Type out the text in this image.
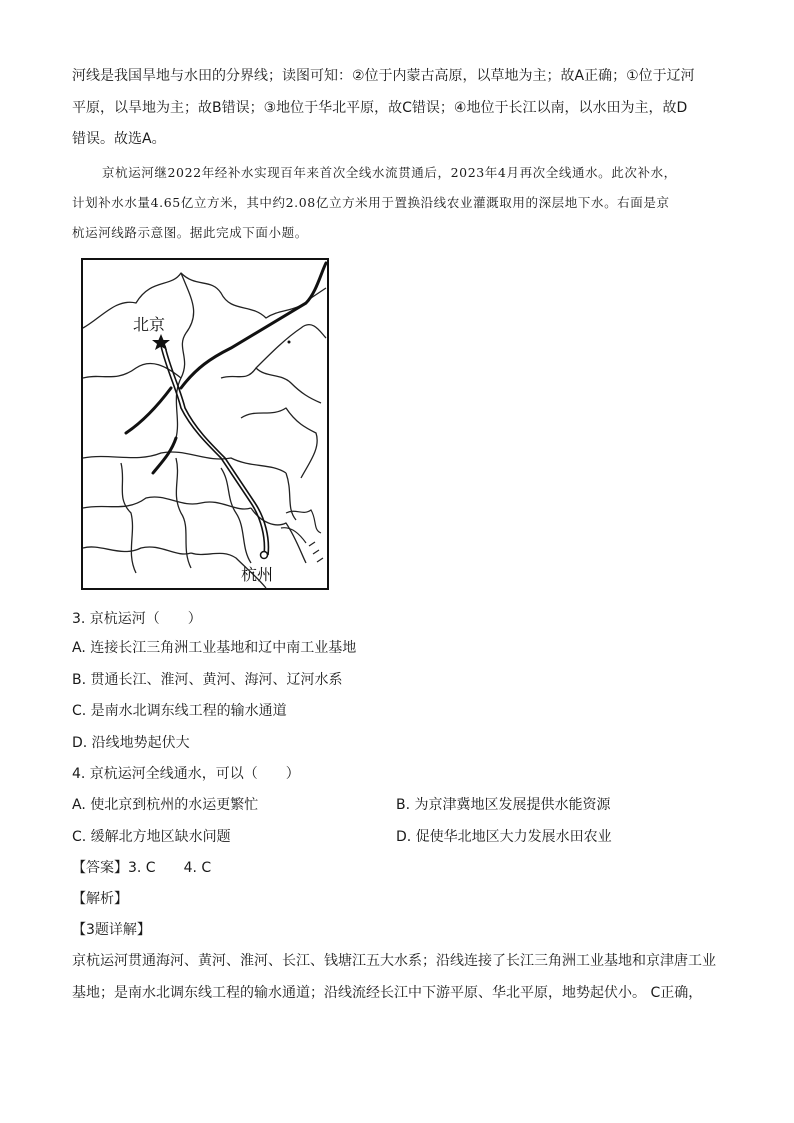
河线是我国旱地与水田的分界线；读图可知：②位于内蒙古高原，以草地为主；故A正确；①位于辽河
平原，以旱地为主；故B错误；③地位于华北平原，故C错误；④地位于长江以南，以水田为主，故D
错误。故选A。
京杭运河继2022年经补水实现百年来首次全线水流贯通后，2023年4月再次全线通水。此次补水，
计划补水水量4.65亿立方米，其中约2.08亿立方米用于置换沿线农业灌溉取用的深层地下水。右面是京
杭运河线路示意图。据此完成下面小题。
北京
杭州
3. 京杭运河（　　）
A. 连接长江三角洲工业基地和辽中南工业基地
B. 贯通长江、淮河、黄河、海河、辽河水系
C. 是南水北调东线工程的输水通道
D. 沿线地势起伏大
4. 京杭运河全线通水，可以（　　）
A. 使北京到杭州的水运更繁忙	B. 为京津冀地区发展提供水能资源
C. 缓解北方地区缺水问题	D. 促使华北地区大力发展水田农业
【答案】3. C　　4. C
【解析】
【3题详解】
京杭运河贯通海河、黄河、淮河、长江、钱塘江五大水系；沿线连接了长江三角洲工业基地和京津唐工业
基地；是南水北调东线工程的输水通道；沿线流经长江中下游平原、华北平原，地势起伏小。 C正确，
